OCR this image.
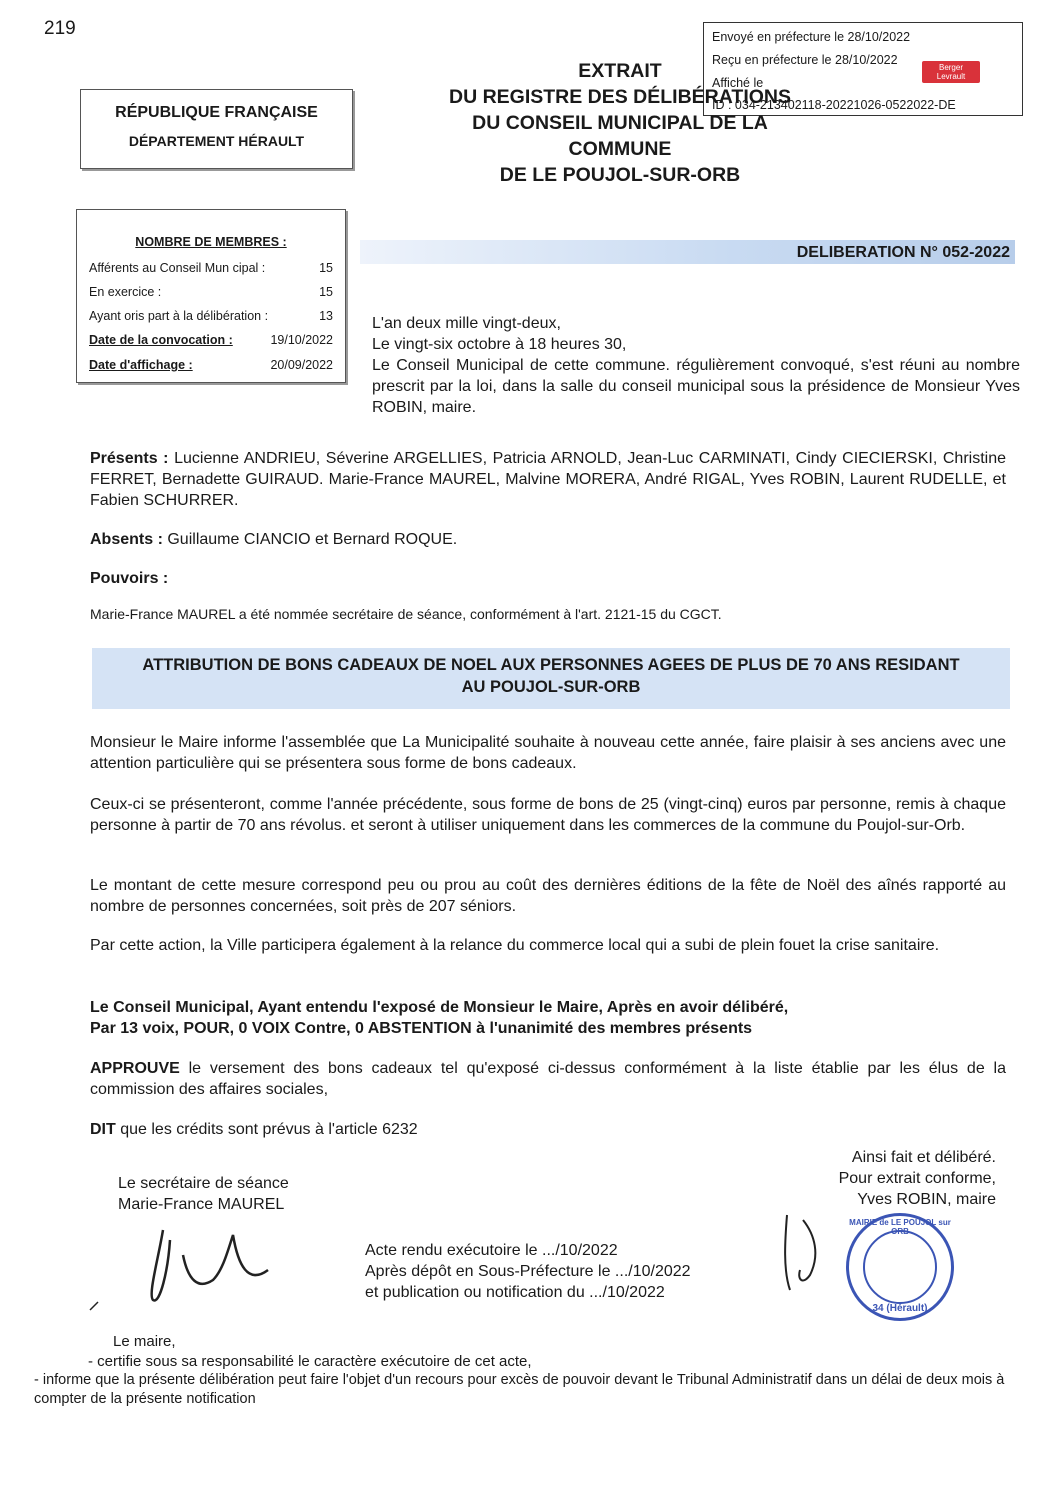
219	Envoyé en préfecture le 28/10/2022
Reçu en préfecture le 28/10/2022
Affiché le
ID : 034-213402118-20221026-0522022-DE
Berger
Levrault
EXTRAIT
DU REGISTRE DES DÉLIBÉRATIONS
DU CONSEIL MUNICIPAL DE LA
COMMUNE
DE LE POUJOL-SUR-ORB
RÉPUBLIQUE FRANÇAISE
DÉPARTEMENT HÉRAULT
NOMBRE DE MEMBRES :
Afférents au Conseil Mun cipal :	15
En exercice :	15
Ayant oris part à la délibération :	13
Date de la convocation :	19/10/2022
Date d'affichage :	20/09/2022
DELIBERATION N° 052-2022
L'an deux mille vingt-deux,
Le vingt-six octobre à 18 heures 30,
Le Conseil Municipal de cette commune. régulièrement convoqué, s'est réuni au nombre prescrit par la loi, dans la salle du conseil municipal sous la présidence de Monsieur Yves ROBIN, maire.
Présents : Lucienne ANDRIEU, Séverine ARGELLIES, Patricia ARNOLD, Jean-Luc CARMINATI, Cindy CIECIERSKI, Christine FERRET, Bernadette GUIRAUD. Marie-France MAUREL, Malvine MORERA, André RIGAL, Yves ROBIN, Laurent RUDELLE, et Fabien SCHURRER.
Absents : Guillaume CIANCIO et Bernard ROQUE.
Pouvoirs :
Marie-France MAUREL a été nommée secrétaire de séance, conformément à l'art. 2121-15 du CGCT.
ATTRIBUTION DE BONS CADEAUX DE NOEL AUX PERSONNES AGEES DE PLUS DE 70 ANS RESIDANT
AU POUJOL-SUR-ORB
Monsieur le Maire informe l'assemblée que La Municipalité souhaite à nouveau cette année, faire plaisir à ses anciens avec une attention particulière qui se présentera sous forme de bons cadeaux.
Ceux-ci se présenteront, comme l'année précédente, sous forme de bons de 25 (vingt-cinq) euros par personne, remis à chaque personne à partir de 70 ans révolus. et seront à utiliser uniquement dans les commerces de la commune du Poujol-sur-Orb.
Le montant de cette mesure correspond peu ou prou au coût des dernières éditions de la fête de Noël des aînés rapporté au nombre de personnes concernées, soit près de 207 séniors.
Par cette action, la Ville participera également à la relance du commerce local qui a subi de plein fouet la crise sanitaire.
Le Conseil Municipal, Ayant entendu l'exposé de Monsieur le Maire, Après en avoir délibéré,
Par 13 voix, POUR, 0 VOIX Contre, 0 ABSTENTION à l'unanimité des membres présents
APPROUVE le versement des bons cadeaux tel qu'exposé ci-dessus conformément à la liste établie par les élus de la commission des affaires sociales,
DIT que les crédits sont prévus à l'article 6232
Ainsi fait et délibéré.
Pour extrait conforme,
Yves ROBIN, maire
Le secrétaire de séance
Marie-France MAUREL
Acte rendu exécutoire le .../10/2022
Après dépôt en Sous-Préfecture le .../10/2022
et publication ou notification du .../10/2022
MAIRIE de LE POUJOL sur ORB
34 (Hérault)
Le maire,
- certifie sous sa responsabilité le caractère exécutoire de cet acte,
- informe que la présente délibération peut faire l'objet d'un recours pour excès de pouvoir devant le Tribunal Administratif dans un délai de deux mois à compter de la présente notification
